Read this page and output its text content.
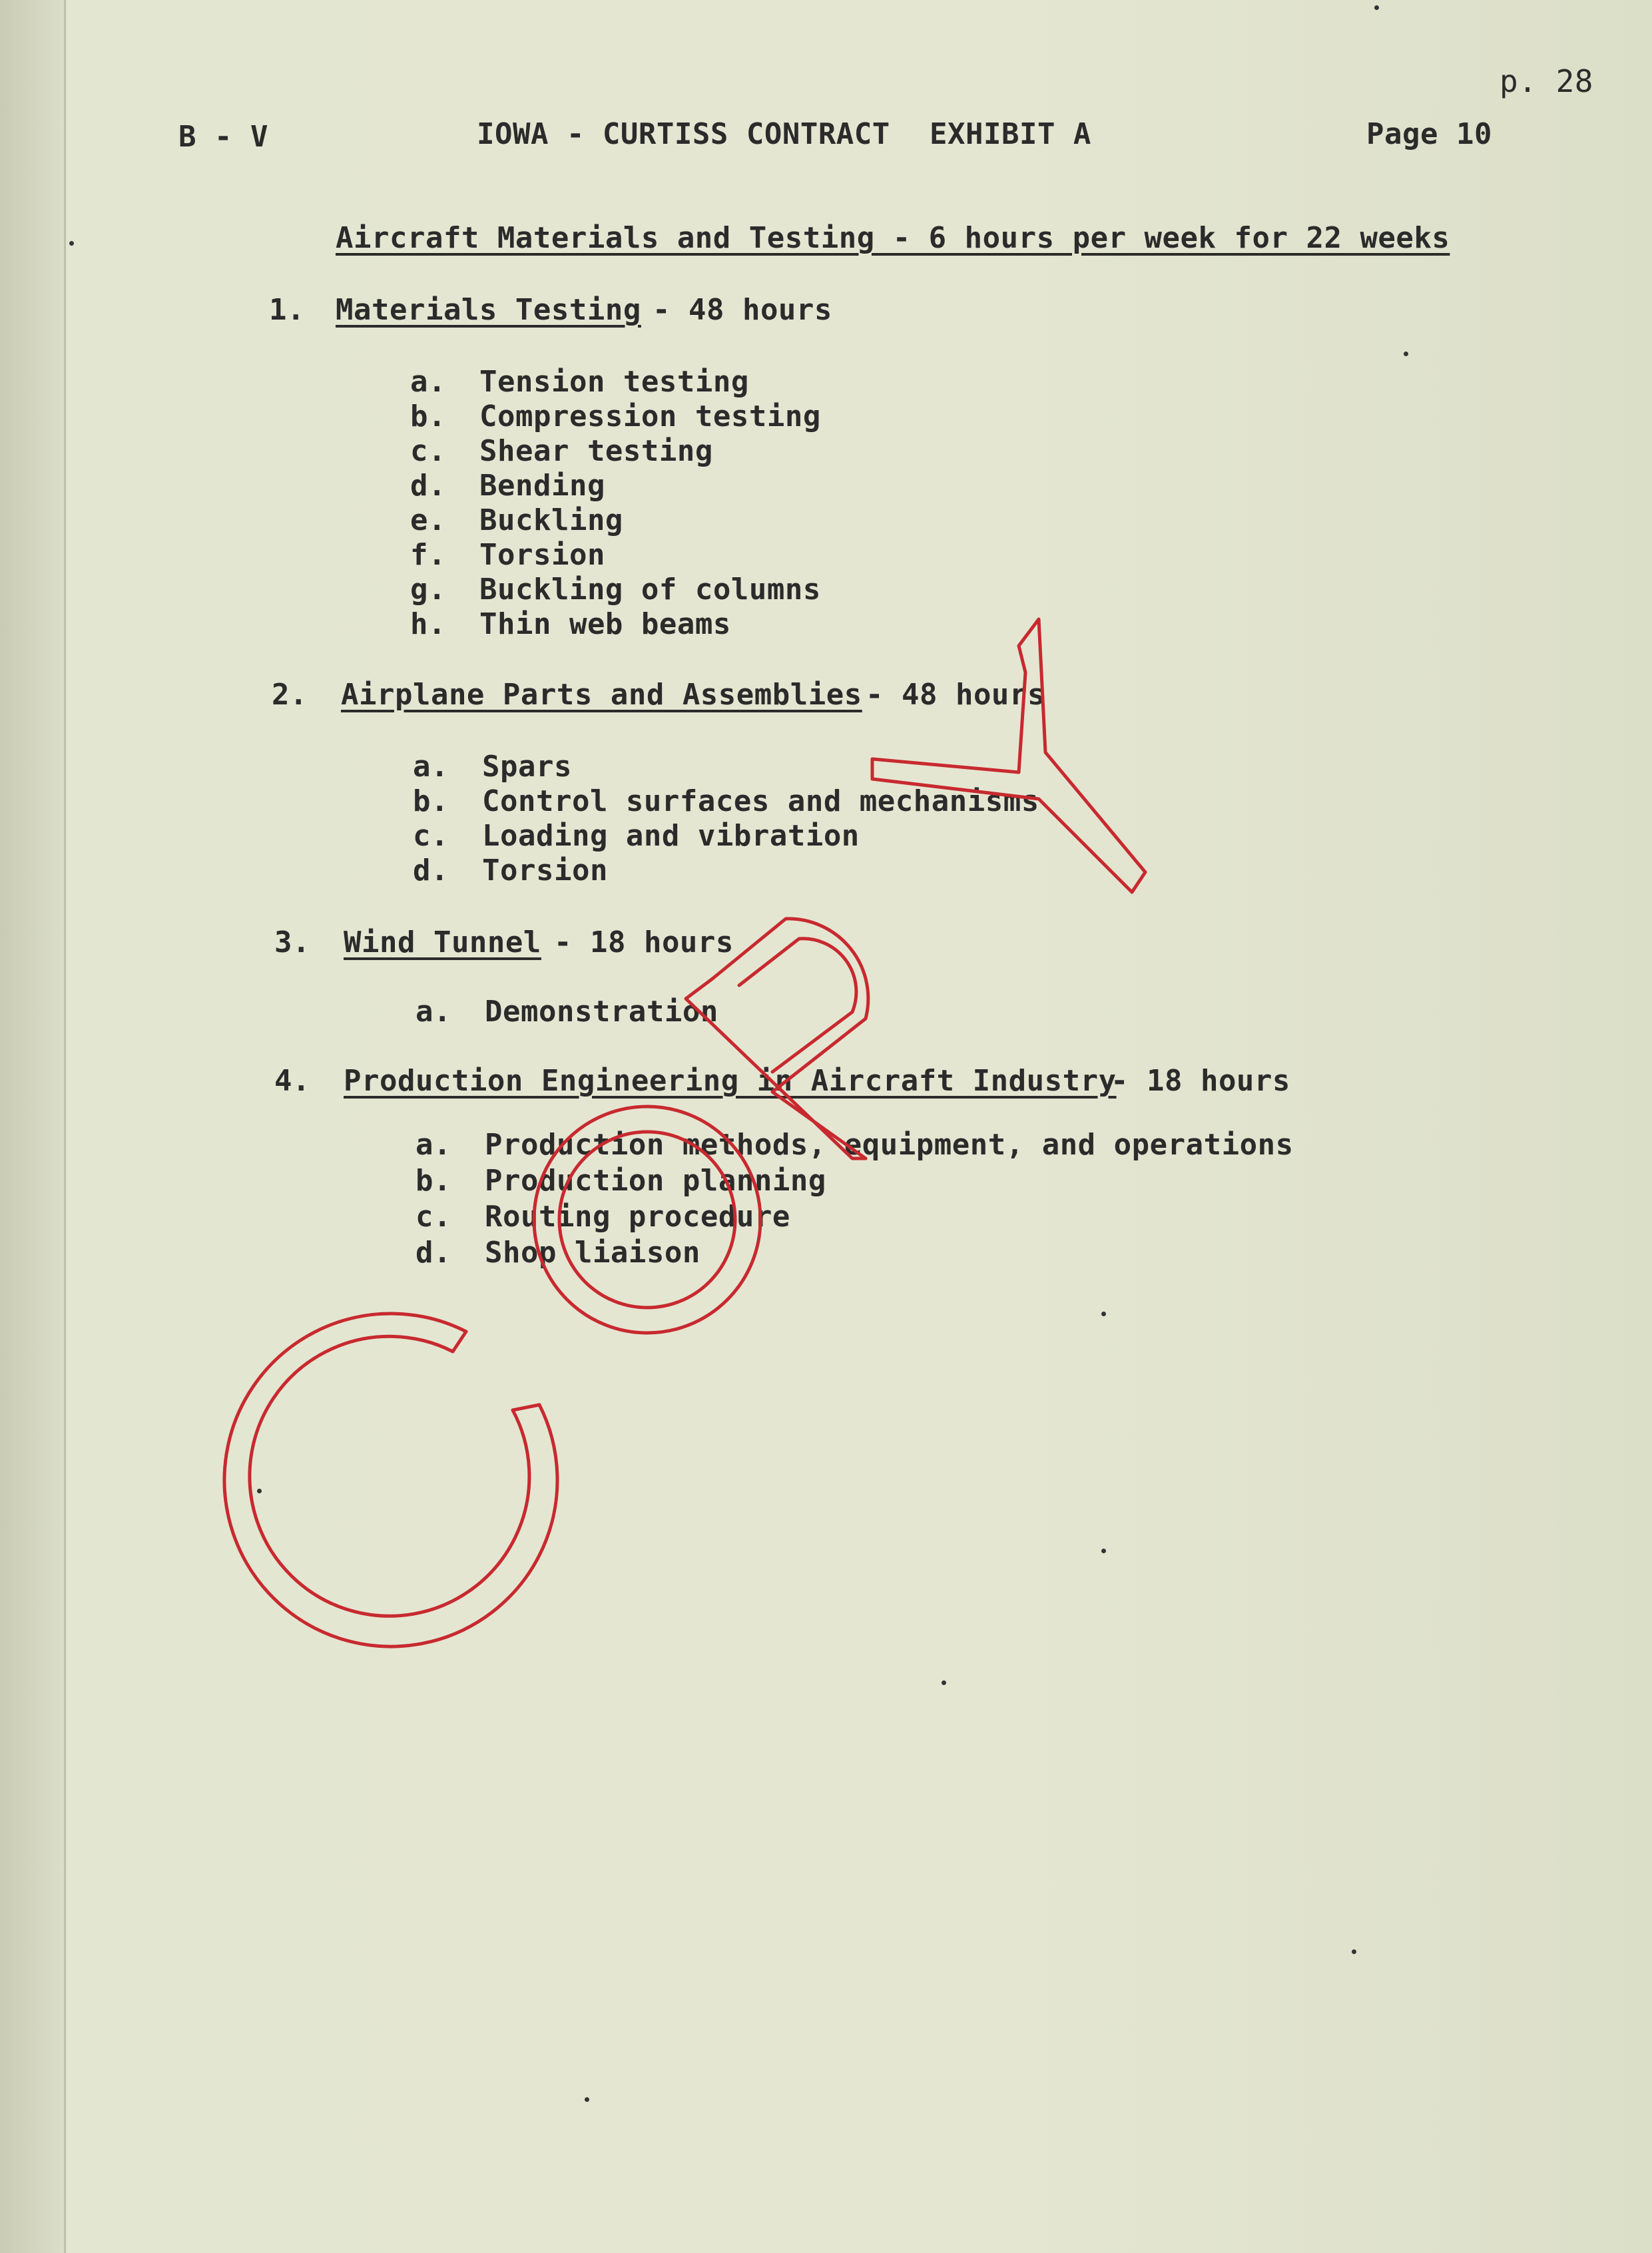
p. 28
B - V	IOWA - CURTISS CONTRACT EXHIBIT A	Page 10
Aircraft Materials and Testing - 6 hours per week for 22 weeks
1. Materials Testing - 48 hours
a. Tension testing
b. Compression testing
c. Shear testing
d. Bending
e. Buckling
f. Torsion
g. Buckling of columns
h. Thin web beams
2. Airplane Parts and Assemblies - 48 hours
a. Spars
b. Control surfaces and mechanisms
c. Loading and vibration
d. Torsion
3. Wind Tunnel - 18 hours
a. Demonstration
4. Production Engineering in Aircraft Industry
- 18 hours
a. Production methods, equipment, and operations
b. Production planning
c. Routing procedure
d. Shop liaison
